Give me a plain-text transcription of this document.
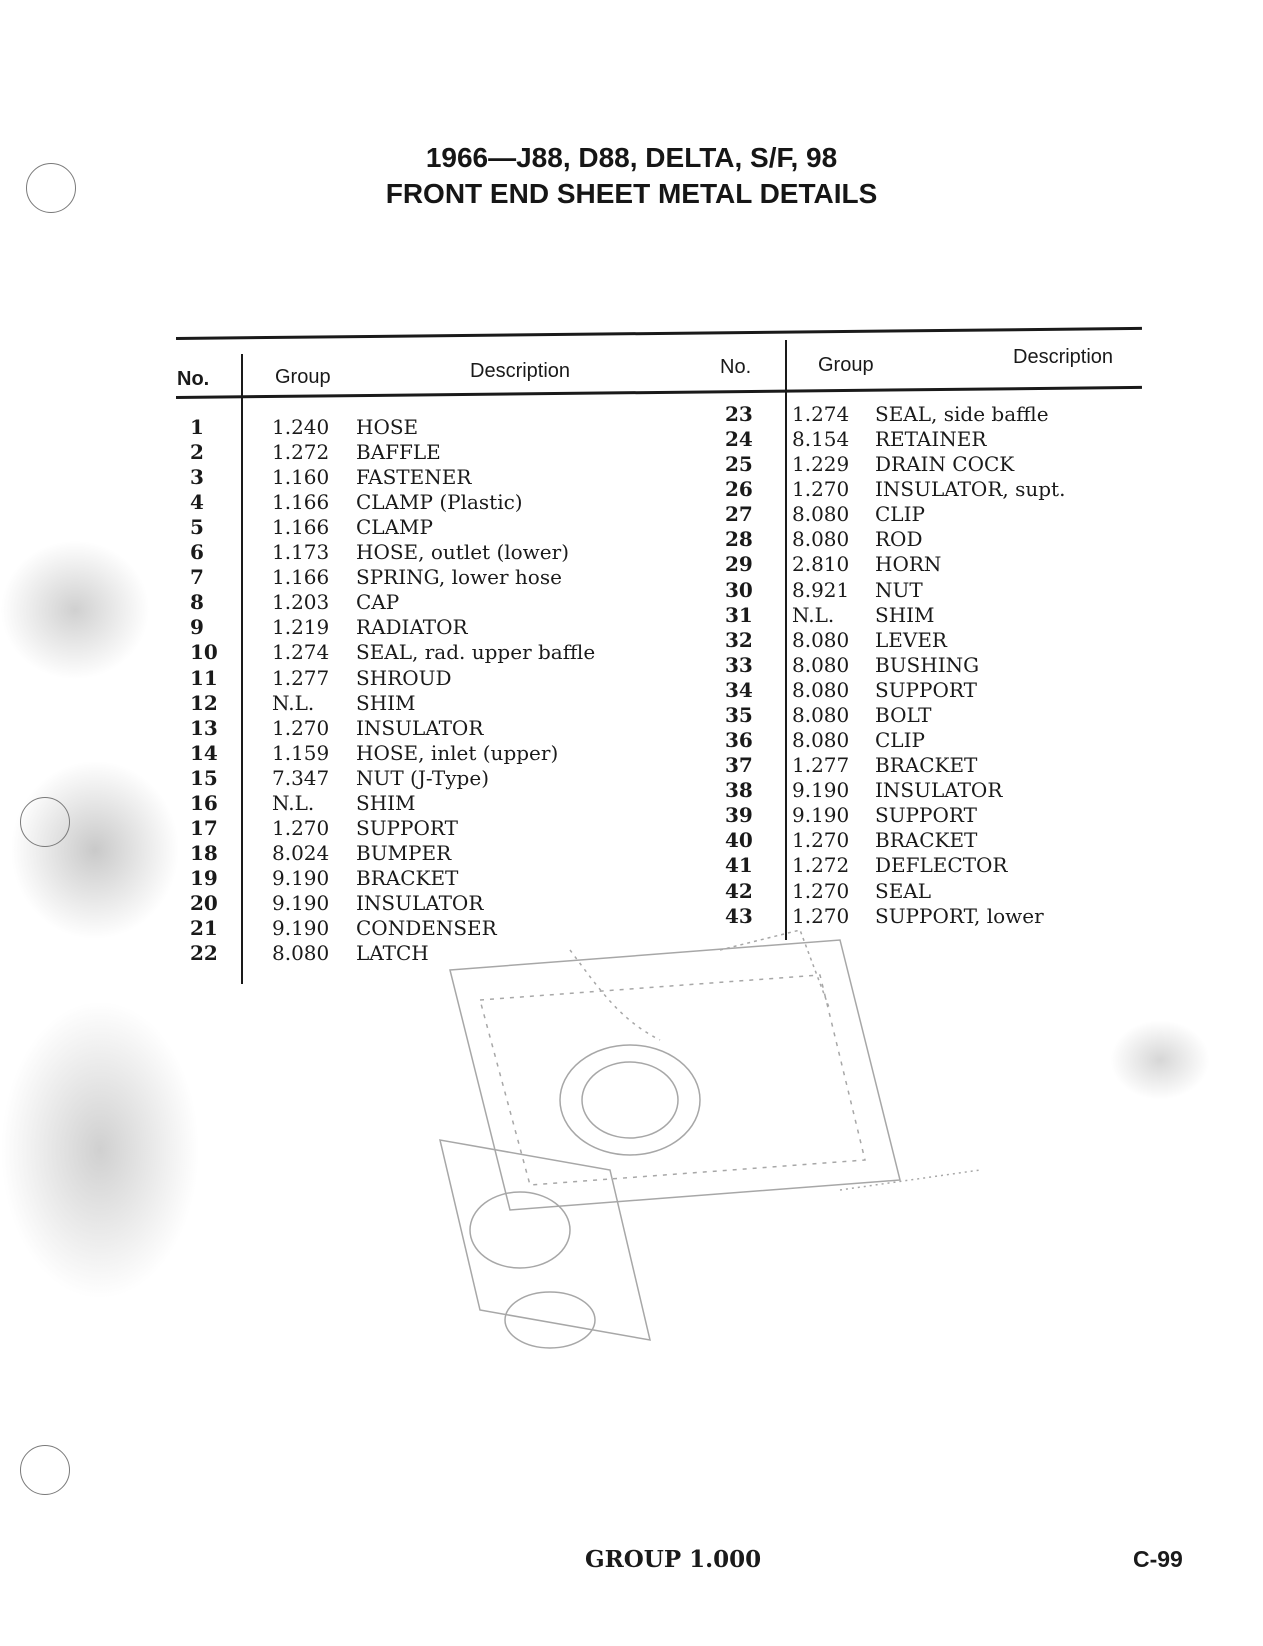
1966—J88, D88, DELTA, S/F, 98
FRONT END SHEET METAL DETAILS
No.	Group	Description	No.	Group	Description
1	1.240 HOSE
2	1.272 BAFFLE
3	1.160 FASTENER
4	1.166 CLAMP (Plastic)
5	1.166 CLAMP
6	1.173 HOSE, outlet (lower)
7	1.166 SPRING, lower hose
8	1.203 CAP
9	1.219 RADIATOR
10	1.274 SEAL, rad. upper baffle
11	1.277 SHROUD
12	N.L. SHIM
13	1.270 INSULATOR
14	1.159 HOSE, inlet (upper)
15	7.347 NUT (J-Type)
16	N.L. SHIM
17	1.270 SUPPORT
18	8.024 BUMPER
19	9.190 BRACKET
20	9.190 INSULATOR
21	9.190 CONDENSER
22	8.080 LATCH
23 1.274 SEAL, side baffle
24 8.154 RETAINER
25 1.229 DRAIN COCK
26 1.270 INSULATOR, supt.
27 8.080 CLIP
28 8.080 ROD
29 2.810 HORN
30 8.921 NUT
31 N.L. SHIM
32 8.080 LEVER
33 8.080 BUSHING
34 8.080 SUPPORT
35 8.080 BOLT
36 8.080 CLIP
37 1.277 BRACKET
38 9.190 INSULATOR
39 9.190 SUPPORT
40 1.270 BRACKET
41 1.272 DEFLECTOR
42 1.270 SEAL
43 1.270 SUPPORT, lower
GROUP 1.000	C-99
